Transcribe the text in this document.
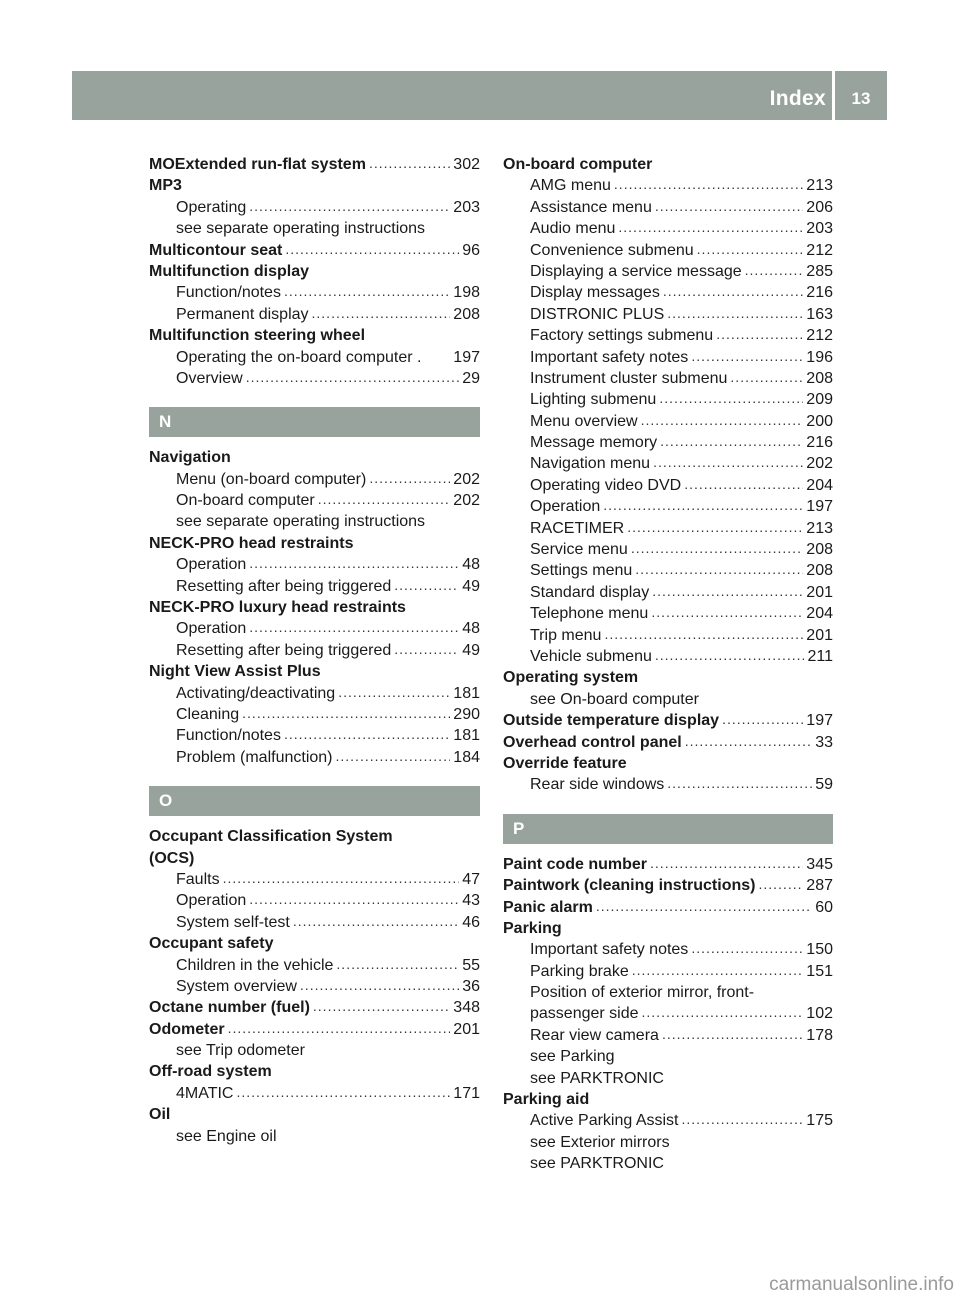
Index	13
MOExtended run-flat system .....	302
MP3
Operating .....	203
see separate operating instructions
Multicontour seat .....	96
Multifunction display
Function/notes .....	198
Permanent display .....	208
Multifunction steering wheel
Operating the on-board computer . 197
Overview .....	29
N
Navigation
Menu (on-board computer) .....	202
On-board computer .....	202
see separate operating instructions
NECK-PRO head restraints
Operation .....	48
Resetting after being triggered .....	49
NECK-PRO luxury head restraints
Operation .....	48
Resetting after being triggered .....	49
Night View Assist Plus
Activating/deactivating .....	181
Cleaning .....	290
Function/notes .....	181
Problem (malfunction) .....	184
O
Occupant Classification System
(OCS)
Faults .....	47
Operation .....	43
System self-test .....	46
Occupant safety
Children in the vehicle .....	55
System overview .....	36
Octane number (fuel) .....	348
Odometer .....	201
see Trip odometer
Off-road system
4MATIC .....	171
Oil
see Engine oil
On-board computer
AMG menu .....	213
Assistance menu .....	206
Audio menu .....	203
Convenience submenu .....	212
Displaying a service message .....	285
Display messages .....	216
DISTRONIC PLUS .....	163
Factory settings submenu .....	212
Important safety notes .....	196
Instrument cluster submenu .....	208
Lighting submenu .....	209
Menu overview .....	200
Message memory .....	216
Navigation menu .....	202
Operating video DVD .....	204
Operation .....	197
RACETIMER .....	213
Service menu .....	208
Settings menu .....	208
Standard display .....	201
Telephone menu .....	204
Trip menu .....	201
Vehicle submenu .....	211
Operating system
see On-board computer
Outside temperature display .....	197
Overhead control panel .....	33
Override feature
Rear side windows .....	59
P
Paint code number .....	345
Paintwork (cleaning instructions) .....	287
Panic alarm .....	60
Parking
Important safety notes .....	150
Parking brake .....	151
Position of exterior mirror, front-
passenger side .....	102
Rear view camera .....	178
see Parking
see PARKTRONIC
Parking aid
Active Parking Assist .....	175
see Exterior mirrors
see PARKTRONIC
carmanualsonline.info
